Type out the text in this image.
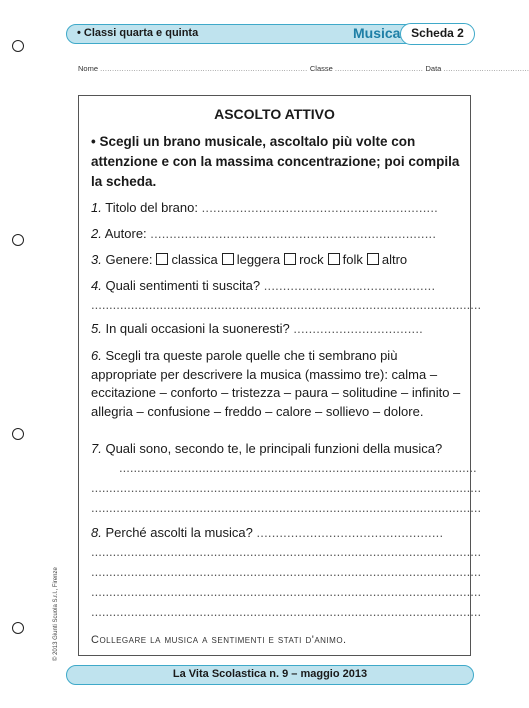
• Classi quarta e quinta	Musica Scheda 2
Nome ....................................................................................... Classe ..................................... Data ....................................
ASCOLTO ATTIVO
• Scegli un brano musicale, ascoltalo più volte con attenzione e con la massima concentrazione; poi compila la scheda.
1. Titolo del brano: ..............................................................
2. Autore: ...........................................................................
3. Genere: classica leggera rock folk altro
4. Quali sentimenti ti suscita? .............................................
............................................................................................................
5. In quali occasioni la suoneresti? ..................................
6. Scegli tra queste parole quelle che ti sembrano più appropriate per descrivere la musica (massimo tre): calma – eccitazione – conforto – tristezza – paura – solitudine – infinito – allegria – confusione – freddo – calore – sollievo – dolore.
7. Quali sono, secondo te, le principali funzioni della musica?
...................................................................................................
............................................................................................................
............................................................................................................
8. Perché ascolti la musica? .................................................
............................................................................................................
............................................................................................................
............................................................................................................
............................................................................................................
Collegare la musica a sentimenti e stati d'animo.
© 2013 Giunti Scuola S.r.l., Firenze
La Vita Scolastica n. 9 – maggio 2013
